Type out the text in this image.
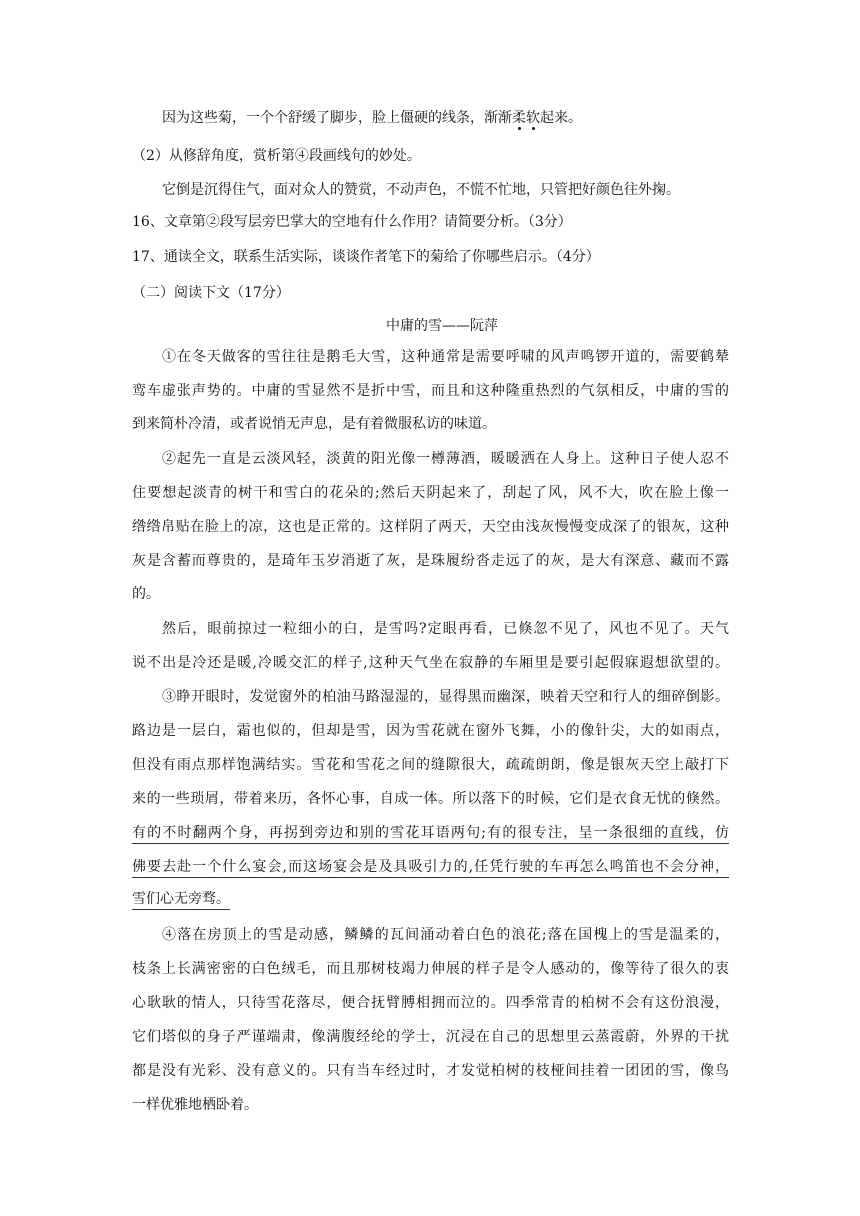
因为这些菊，一个个舒缓了脚步，脸上僵硬的线条，渐渐柔软起来。
（2）从修辞角度，赏析第④段画线句的妙处。
它倒是沉得住气，面对众人的赞赏，不动声色，不慌不忙地，只管把好颜色往外掬。
16、文章第②段写层旁巴掌大的空地有什么作用？请简要分析。（3分）
17、通读全文，联系生活实际，谈谈作者笔下的菊给了你哪些启示。（4分）
（二）阅读下文（17分）
中庸的雪——阮萍
①在冬天做客的雪往往是鹅毛大雪，这种通常是需要呼啸的风声鸣锣开道的，需要鹤辇
鸾车虚张声势的。中庸的雪显然不是折中雪，而且和这种隆重热烈的气氛相反，中庸的雪的
到来简朴冷清，或者说悄无声息，是有着微服私访的味道。
②起先一直是云淡风轻，淡黄的阳光像一樽薄酒，暖暖洒在人身上。这种日子使人忍不
住要想起淡青的树干和雪白的花朵的;然后天阴起来了，刮起了风，风不大，吹在脸上像一
绺绺帛贴在脸上的凉，这也是正常的。这样阴了两天，天空由浅灰慢慢变成深了的银灰，这种
灰是含蓄而尊贵的，是琦年玉岁消逝了灰，是珠履纷沓走远了的灰，是大有深意、藏而不露
的。
然后，眼前掠过一粒细小的白，是雪吗?定眼再看，已倏忽不见了，风也不见了。天气
说不出是冷还是暖,冷暖交汇的样子,这种天气坐在寂静的车厢里是要引起假寐遐想欲望的。
③睁开眼时，发觉窗外的柏油马路湿湿的，显得黑而幽深，映着天空和行人的细碎倒影。
路边是一层白，霜也似的，但却是雪，因为雪花就在窗外飞舞，小的像针尖，大的如雨点，
但没有雨点那样饱满结实。雪花和雪花之间的缝隙很大，疏疏朗朗，像是银灰天空上敲打下
来的一些琐屑，带着来历，各怀心事，自成一体。所以落下的时候，它们是衣食无忧的倏然。
有的不时翻两个身，再拐到旁边和别的雪花耳语两句;有的很专注，呈一条很细的直线，仿
佛要去赴一个什么宴会,而这场宴会是及具吸引力的,任凭行驶的车再怎么鸣笛也不会分神，
雪们心无旁骛。
④落在房顶上的雪是动感，鳞鳞的瓦间涌动着白色的浪花;落在国槐上的雪是温柔的，
枝条上长满密密的白色绒毛，而且那树枝竭力伸展的样子是令人感动的，像等待了很久的衷
心耿耿的情人，只待雪花落尽，便合抚臂膊相拥而泣的。四季常青的柏树不会有这份浪漫，
它们塔似的身子严谨端肃，像满腹经纶的学士，沉浸在自己的思想里云蒸霞蔚，外界的干扰
都是没有光彩、没有意义的。只有当车经过时，才发觉柏树的枝桠间挂着一团团的雪，像鸟
一样优雅地栖卧着。
